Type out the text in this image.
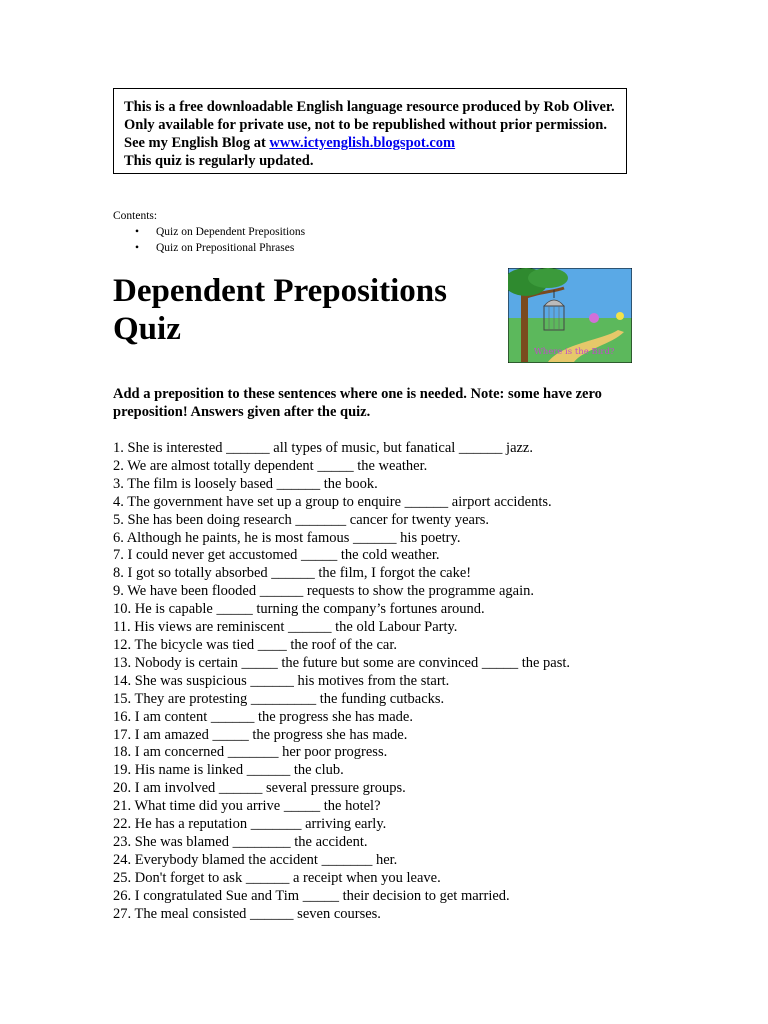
This is a free downloadable English language resource produced by Rob Oliver.
Only available for private use, not to be republished without prior permission.
See my English Blog at www.ictyenglish.blogspot.com
This quiz is regularly updated.
Contents:
• Quiz on Dependent Prepositions
• Quiz on Prepositional Phrases
Dependent Prepositions
Quiz
Where is the Bird?
Add a preposition to these sentences where one is needed. Note: some have zero preposition! Answers given after the quiz.
1. She is interested ______ all types of music, but fanatical ______ jazz.
2. We are almost totally dependent _____ the weather.
3. The film is loosely based ______ the book.
4. The government have set up a group to enquire ______ airport accidents.
5. She has been doing research _______ cancer for twenty years.
6. Although he paints, he is most famous ______ his poetry.
7. I could never get accustomed _____ the cold weather.
8. I got so totally absorbed ______ the film, I forgot the cake!
9. We have been flooded ______ requests to show the programme again.
10. He is capable _____ turning the company’s fortunes around.
11. His views are reminiscent ______ the old Labour Party.
12. The bicycle was tied ____ the roof of the car.
13. Nobody is certain _____ the future but some are convinced _____ the past.
14. She was suspicious ______ his motives from the start.
15. They are protesting _________ the funding cutbacks.
16. I am content ______ the progress she has made.
17. I am amazed _____ the progress she has made.
18. I am concerned _______ her poor progress.
19. His name is linked ______ the club.
20. I am involved ______ several pressure groups.
21. What time did you arrive _____ the hotel?
22. He has a reputation _______ arriving early.
23. She was blamed ________ the accident.
24. Everybody blamed the accident _______ her.
25. Don't forget to ask ______ a receipt when you leave.
26. I congratulated Sue and Tim _____ their decision to get married.
27. The meal consisted ______ seven courses.
